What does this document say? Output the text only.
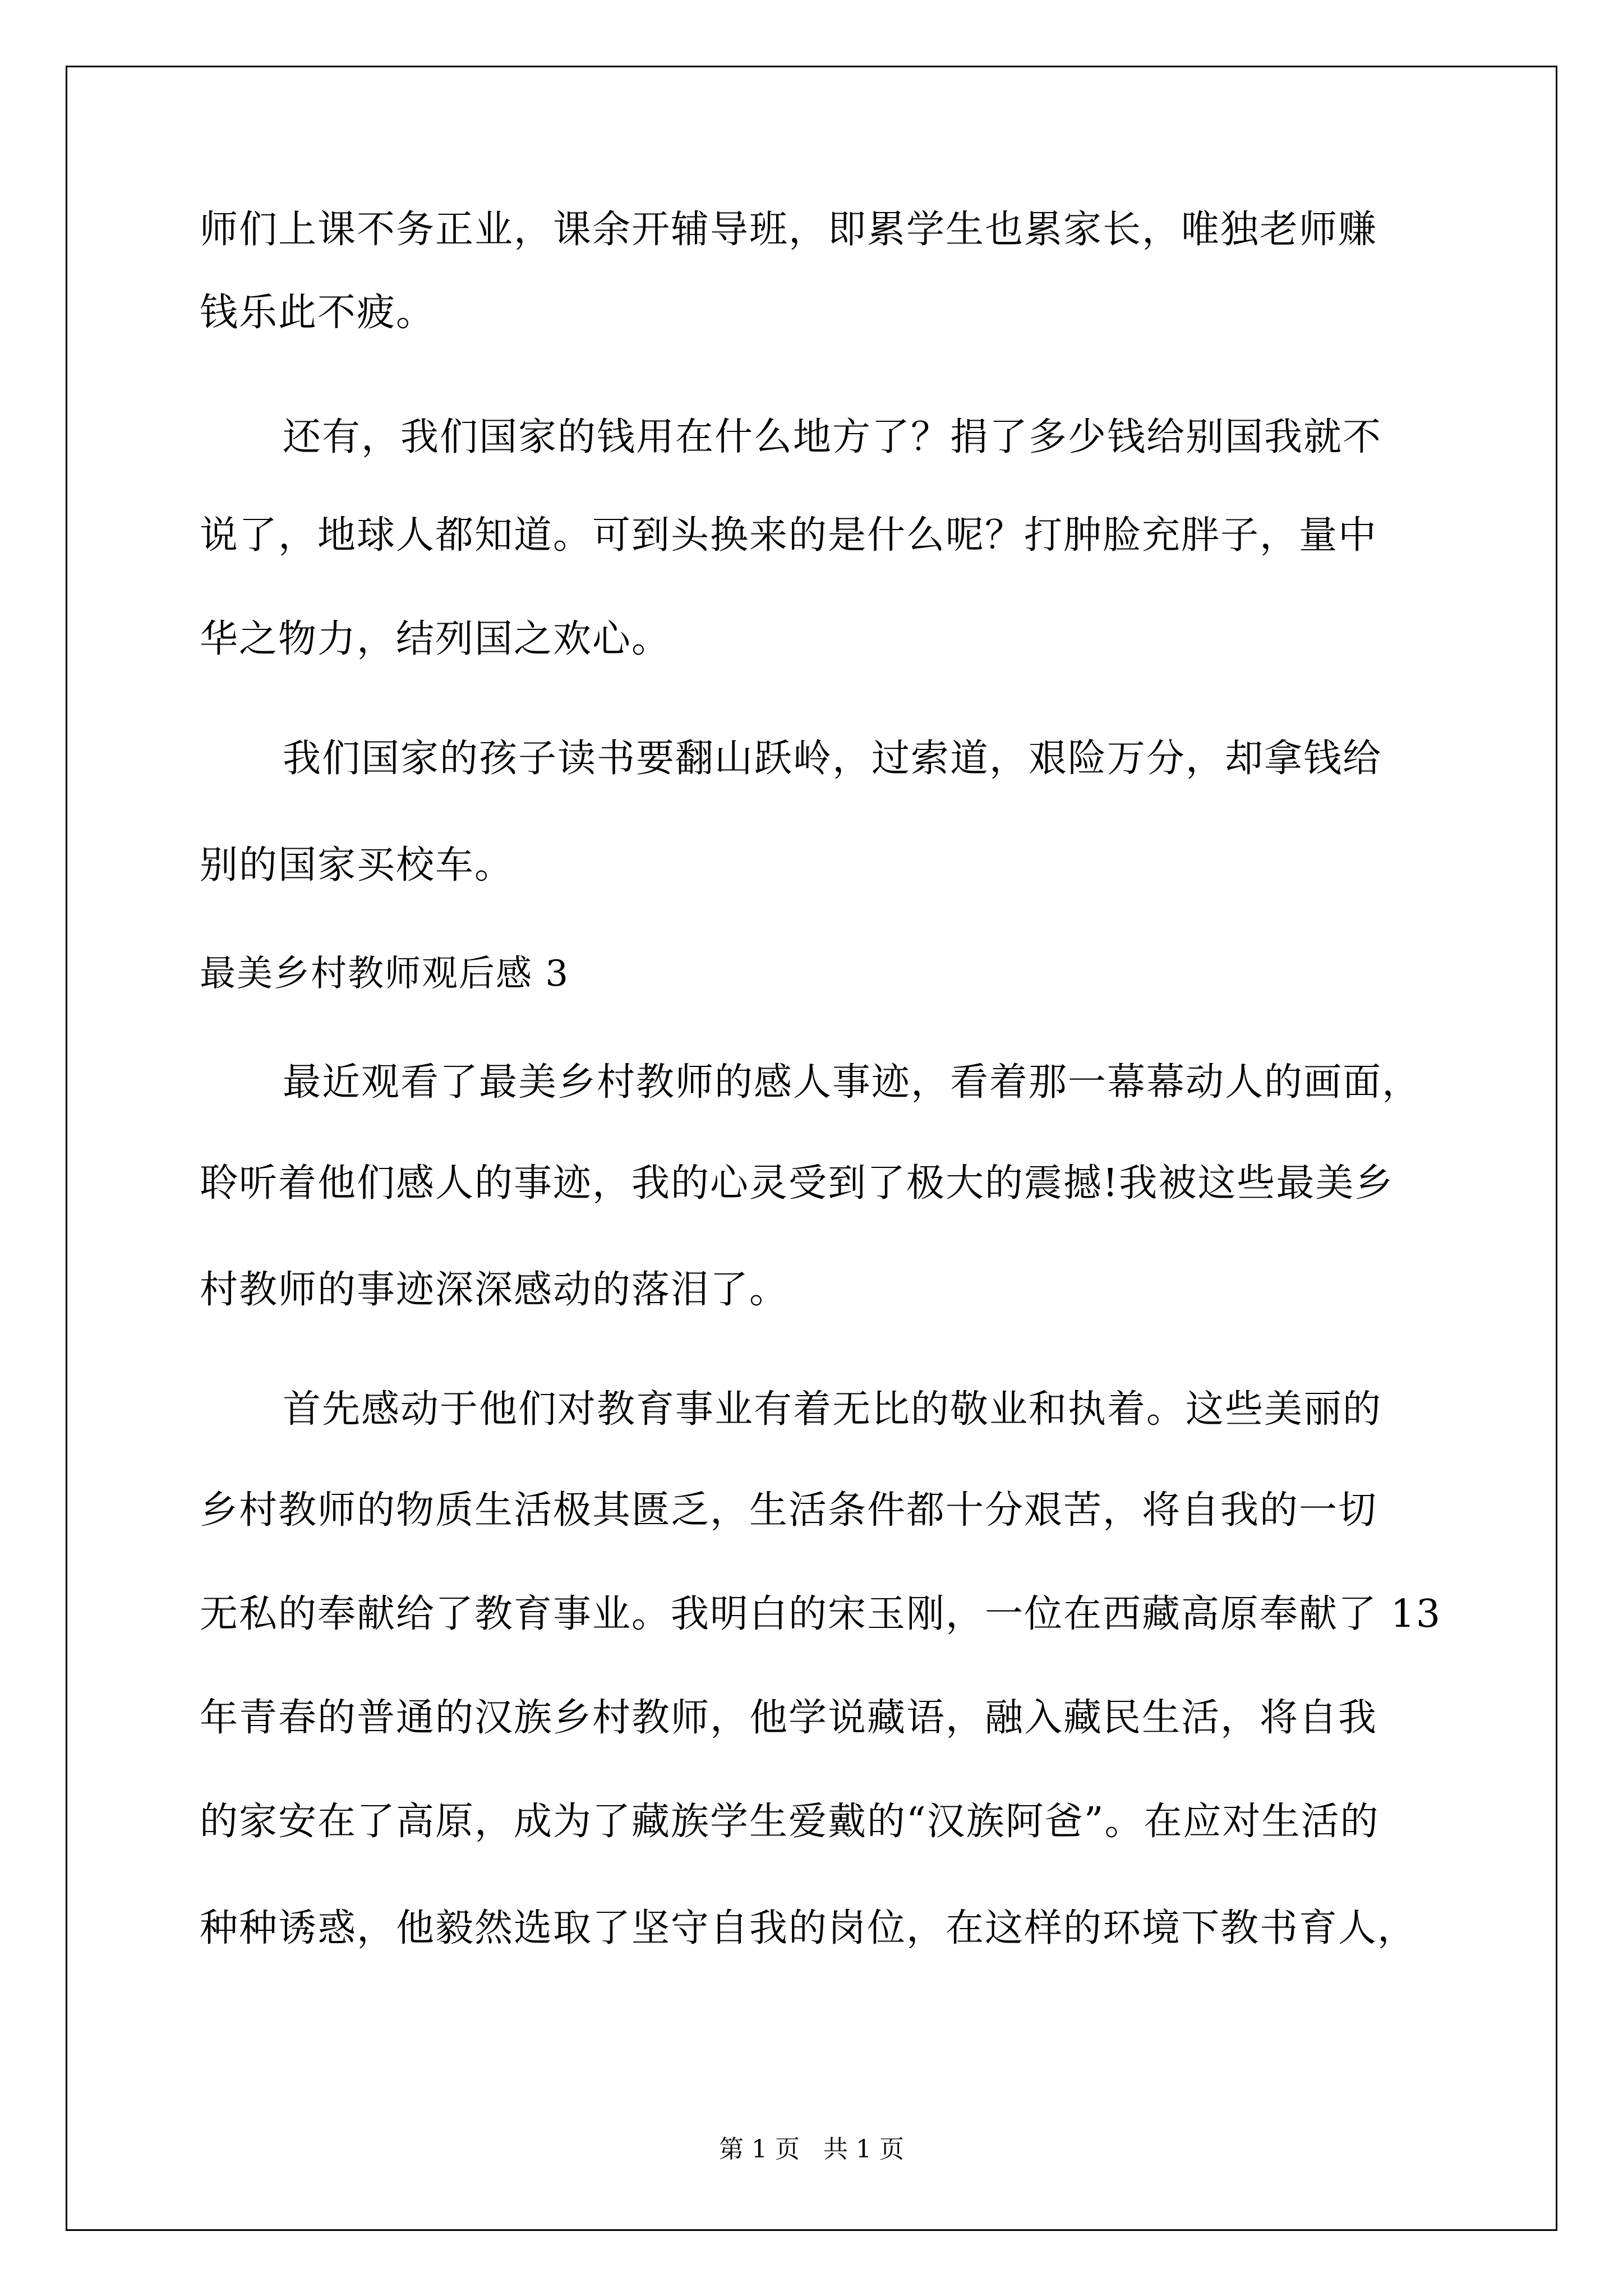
师们上课不务正业，课余开辅导班，即累学生也累家长，唯独老师赚
钱乐此不疲。
还有，我们国家的钱用在什么地方了？捐了多少钱给别国我就不
说了，地球人都知道。可到头换来的是什么呢？打肿脸充胖子，量中
华之物力，结列国之欢心。
我们国家的孩子读书要翻山跃岭，过索道，艰险万分，却拿钱给
别的国家买校车。
最美乡村教师观后感 3
最近观看了最美乡村教师的感人事迹，看着那一幕幕动人的画面，
聆听着他们感人的事迹，我的心灵受到了极大的震撼!我被这些最美乡
村教师的事迹深深感动的落泪了。
首先感动于他们对教育事业有着无比的敬业和执着。这些美丽的
乡村教师的物质生活极其匮乏，生活条件都十分艰苦，将自我的一切
无私的奉献给了教育事业。我明白的宋玉刚，一位在西藏高原奉献了 13
年青春的普通的汉族乡村教师，他学说藏语，融入藏民生活，将自我
的家安在了高原，成为了藏族学生爱戴的“汉族阿爸”。在应对生活的
种种诱惑，他毅然选取了坚守自我的岗位，在这样的环境下教书育人，
第 1 页   共 1 页
